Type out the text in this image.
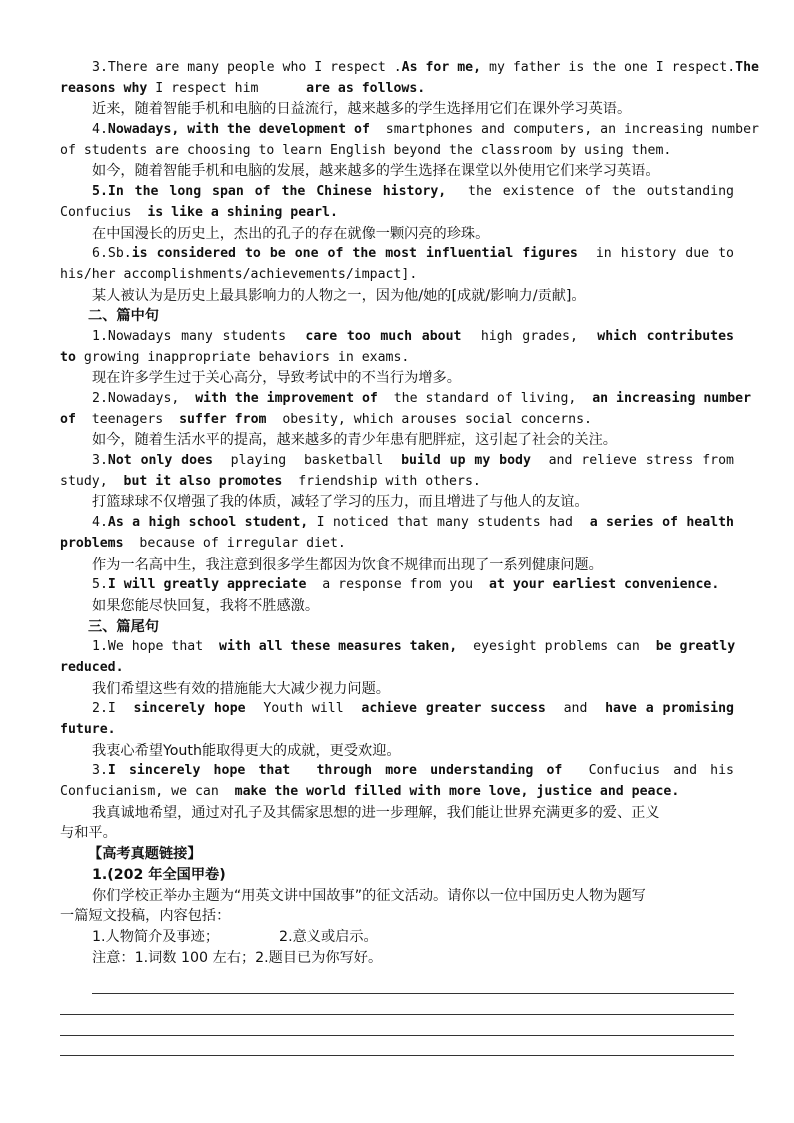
3.There are many people who I respect .As for me, my father is the one I respect.The
reasons why I respect him      are as follows.
近来，随着智能手机和电脑的日益流行，越来越多的学生选择用它们在课外学习英语。
4.Nowadays, with the development of  smartphones and computers, an increasing number
of students are choosing to learn English beyond the classroom by using them.
如今，随着智能手机和电脑的发展，越来越多的学生选择在课堂以外使用它们来学习英语。
5.In the long span of the Chinese history,  the existence of the outstanding
Confucius  is like a shining pearl.
在中国漫长的历史上，杰出的孔子的存在就像一颗闪亮的珍珠。
6.Sb.is considered to be one of the most influential figures  in history due to
his/her accomplishments/achievements/impact].
某人被认为是历史上最具影响力的人物之一，因为他/她的[成就/影响力/贡献]。
二、篇中句
1.Nowadays many students  care too much about  high grades,  which contributes
to growing inappropriate behaviors in exams.
现在许多学生过于关心高分，导致考试中的不当行为增多。
2.Nowadays,  with the improvement of  the standard of living,  an increasing number
of  teenagers  suffer from  obesity, which arouses social concerns.
如今，随着生活水平的提高，越来越多的青少年患有肥胖症，这引起了社会的关注。
3.Not only does  playing  basketball  build up my body  and relieve stress from
study,  but it also promotes  friendship with others.
打篮球球不仅增强了我的体质，减轻了学习的压力，而且增进了与他人的友谊。
4.As a high school student, I noticed that many students had  a series of health
problems  because of irregular diet.
作为一名高中生，我注意到很多学生都因为饮食不规律而出现了一系列健康问题。
5.I will greatly appreciate  a response from you  at your earliest convenience.
如果您能尽快回复，我将不胜感激。
三、篇尾句
1.We hope that  with all these measures taken,  eyesight problems can  be greatly
reduced.
我们希望这些有效的措施能大大减少视力问题。
2.I  sincerely hope  Youth will  achieve greater success  and  have a promising
future.
我衷心希望Youth能取得更大的成就，更受欢迎。
3.I sincerely hope that  through more understanding of  Confucius and his
Confucianism, we can  make the world filled with more love, justice and peace.
我真诚地希望，通过对孔子及其儒家思想的进一步理解，我们能让世界充满更多的爱、正义
与和平。
【高考真题链接】
1.(202 年全国甲卷)
你们学校正举办主题为“用英文讲中国故事”的征文活动。请你以一位中国历史人物为题写
一篇短文投稿，内容包括：
1.人物简介及事迹；	2.意义或启示。
注意：1.词数 100 左右；2.题目已为你写好。
